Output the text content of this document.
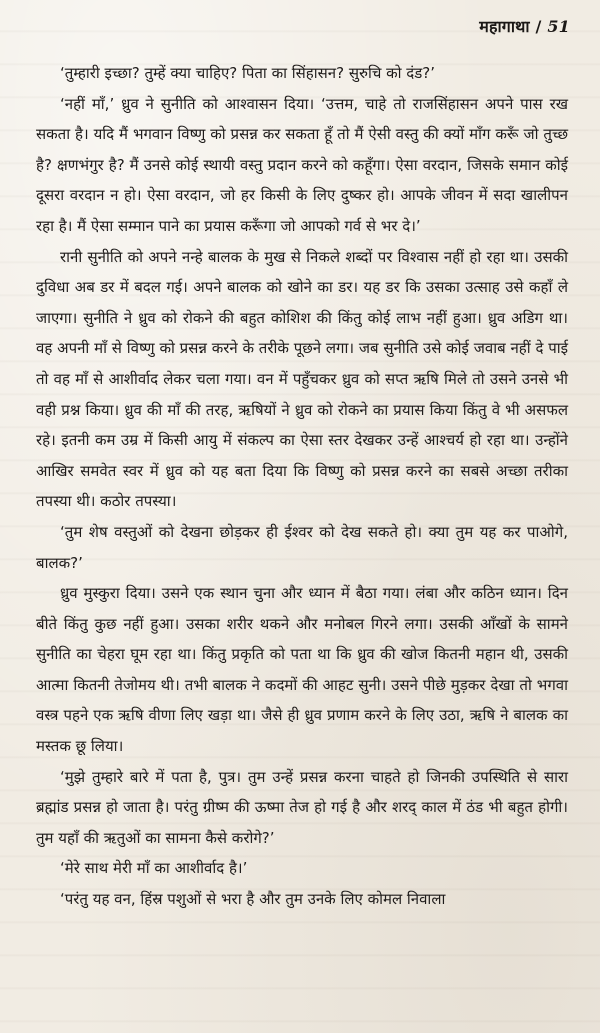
महागाथा / 51

‘तुम्हारी इच्छा? तुम्हें क्या चाहिए? पिता का सिंहासन? सुरुचि को दंड?’

‘नहीं माँ,’ ध्रुव ने सुनीति को आश्वासन दिया। ‘उत्तम, चाहे तो राजसिंहासन अपने पास रख सकता है। यदि मैं भगवान विष्णु को प्रसन्न कर सकता हूँ तो मैं ऐसी वस्तु की क्यों माँग करूँ जो तुच्छ है? क्षणभंगुर है? मैं उनसे कोई स्थायी वस्तु प्रदान करने को कहूँगा। ऐसा वरदान, जिसके समान कोई दूसरा वरदान न हो। ऐसा वरदान, जो हर किसी के लिए दुष्कर हो। आपके जीवन में सदा खालीपन रहा है। मैं ऐसा सम्मान पाने का प्रयास करूँगा जो आपको गर्व से भर दे।’

रानी सुनीति को अपने नन्हे बालक के मुख से निकले शब्दों पर विश्वास नहीं हो रहा था। उसकी दुविधा अब डर में बदल गई। अपने बालक को खोने का डर। यह डर कि उसका उत्साह उसे कहाँ ले जाएगा। सुनीति ने ध्रुव को रोकने की बहुत कोशिश की किंतु कोई लाभ नहीं हुआ। ध्रुव अडिग था। वह अपनी माँ से विष्णु को प्रसन्न करने के तरीके पूछने लगा। जब सुनीति उसे कोई जवाब नहीं दे पाई तो वह माँ से आशीर्वाद लेकर चला गया। वन में पहुँचकर ध्रुव को सप्त ऋषि मिले तो उसने उनसे भी वही प्रश्न किया। ध्रुव की माँ की तरह, ऋषियों ने ध्रुव को रोकने का प्रयास किया किंतु वे भी असफल रहे। इतनी कम उम्र में किसी आयु में संकल्प का ऐसा स्तर देखकर उन्हें आश्चर्य हो रहा था। उन्होंने आखिर समवेत स्वर में ध्रुव को यह बता दिया कि विष्णु को प्रसन्न करने का सबसे अच्छा तरीका तपस्या थी। कठोर तपस्या।

‘तुम शेष वस्तुओं को देखना छोड़कर ही ईश्वर को देख सकते हो। क्या तुम यह कर पाओगे, बालक?’

ध्रुव मुस्कुरा दिया। उसने एक स्थान चुना और ध्यान में बैठा गया। लंबा और कठिन ध्यान। दिन बीते किंतु कुछ नहीं हुआ। उसका शरीर थकने और मनोबल गिरने लगा। उसकी आँखों के सामने सुनीति का चेहरा घूम रहा था। किंतु प्रकृति को पता था कि ध्रुव की खोज कितनी महान थी, उसकी आत्मा कितनी तेजोमय थी। तभी बालक ने कदमों की आहट सुनी। उसने पीछे मुड़कर देखा तो भगवा वस्त्र पहने एक ऋषि वीणा लिए खड़ा था। जैसे ही ध्रुव प्रणाम करने के लिए उठा, ऋषि ने बालक का मस्तक छू लिया।

‘मुझे तुम्हारे बारे में पता है, पुत्र। तुम उन्हें प्रसन्न करना चाहते हो जिनकी उपस्थिति से सारा ब्रह्मांड प्रसन्न हो जाता है। परंतु ग्रीष्म की ऊष्मा तेज हो गई है और शरद् काल में ठंड भी बहुत होगी। तुम यहाँ की ऋतुओं का सामना कैसे करोगे?’

‘मेरे साथ मेरी माँ का आशीर्वाद है।’

‘परंतु यह वन, हिंस्र पशुओं से भरा है और तुम उनके लिए कोमल निवाला
